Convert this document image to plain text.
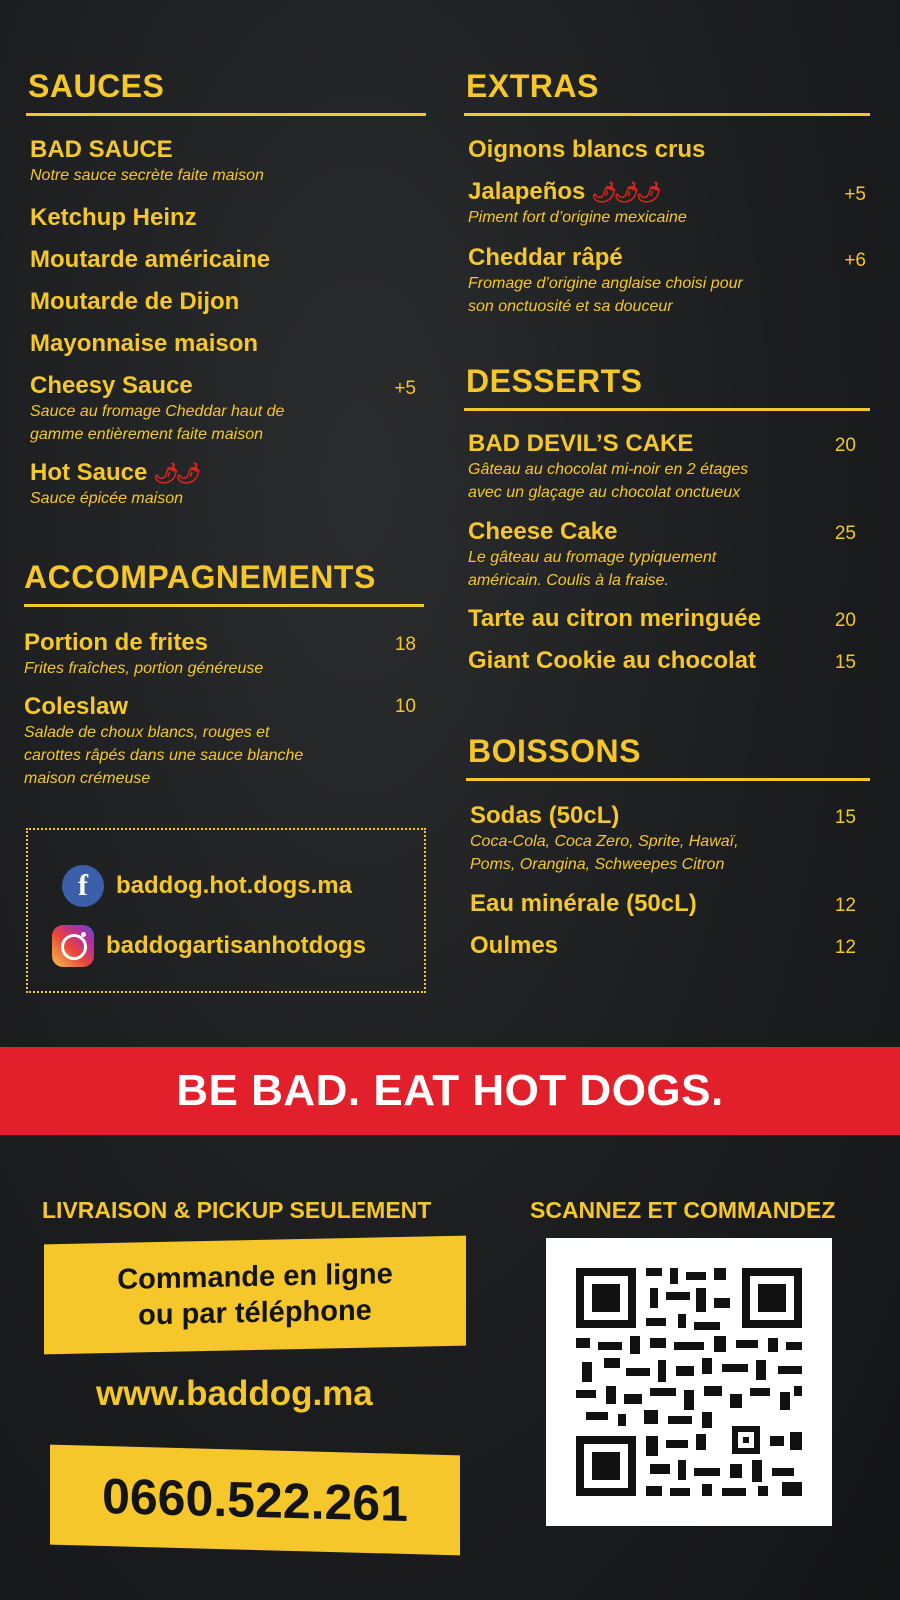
SAUCES
BAD SAUCE
Notre sauce secrète faite maison
Ketchup Heinz
Moutarde américaine
Moutarde de Dijon
Mayonnaise maison
Cheesy Sauce
Sauce au fromage Cheddar haut de
gamme entièrement faite maison
+5
Hot Sauce 🌶🌶
Sauce épicée maison
ACCOMPAGNEMENTS
Portion de frites
Frites fraîches, portion généreuse
18
Coleslaw
Salade de choux blancs, rouges et
carottes râpés dans une sauce blanche
maison crémeuse
10
f	baddog.hot.dogs.ma
baddogartisanhotdogs
EXTRAS
Oignons blancs crus
Jalapeños 🌶🌶🌶
Piment fort d’origine mexicaine
+5
Cheddar râpé
Fromage d’origine anglaise choisi pour
son onctuosité et sa douceur
+6
DESSERTS
BAD DEVIL’S CAKE
Gâteau au chocolat mi-noir en 2 étages
avec un glaçage au chocolat onctueux
20
Cheese Cake
Le gâteau au fromage typiquement
américain. Coulis à la fraise.
25
Tarte au citron meringuée	20
Giant Cookie au chocolat	15
BOISSONS
Sodas (50cL)
Coca-Cola, Coca Zero, Sprite, Hawaï,
Poms, Orangina, Schweepes Citron
15
Eau minérale (50cL)	12
Oulmes	12
BE BAD. EAT HOT DOGS.
LIVRAISON & PICKUP SEULEMENT	SCANNEZ ET COMMANDEZ
Commande en ligne
ou par téléphone
www.baddog.ma
0660.522.261
